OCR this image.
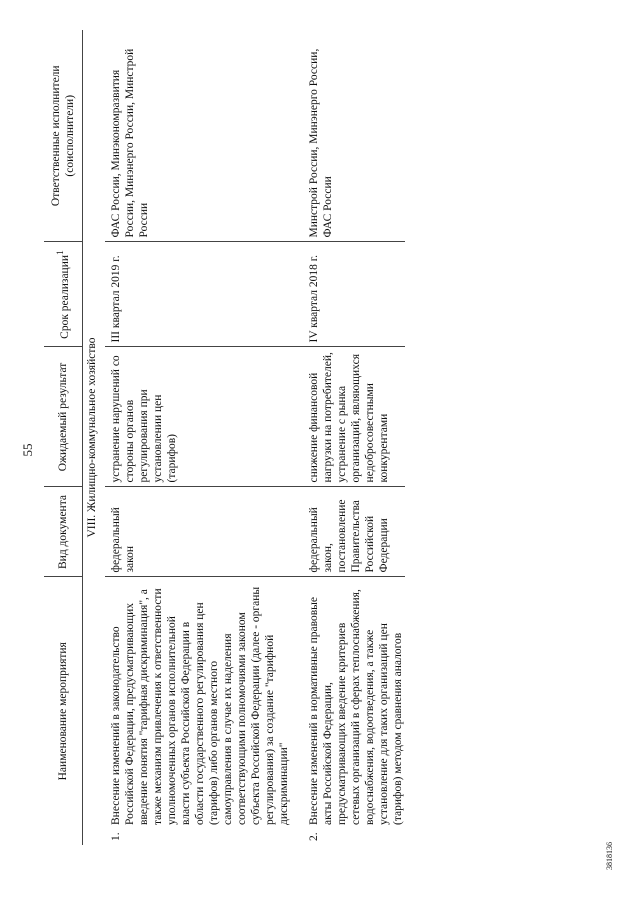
55
Наименование мероприятия	Вид документа	Ожидаемый результат	Срок реализации$^1$	Ответственные исполнители (соисполнители)
VIII. Жилищно-коммунальное хозяйство				

1.
Внесение изменений в законодательство Российской Федерации, предусматривающих введение понятия "тарифная дискриминация", а также механизм привлечения к ответственности уполномоченных органов исполнительной власти субъекта Российской Федерации в области государственного регулирования цен (тарифов) либо органов местного самоуправления в случае их наделения соответствующими полномочиями законом субъекта Российской Федерации (далее - органы регулирования) за создание "тарифной дискриминации"	федеральный закон	устранение нарушений со стороны органов регулирования при установлении цен (тарифов)	III квартал 2019 г.	ФАС России, Минэкономразвития России, Минэнерго России, Минстрой России

2.
Внесение изменений в нормативные правовые акты Российской Федерации, предусматривающих введение критериев сетевых организаций в сферах теплоснабжения, водоснабжения, водоотведения, а также установление для таких организаций цен (тарифов) методом сравнения аналогов	федеральный закон, постановление Правительства Российской Федерации	снижение финансовой нагрузки на потребителей, устранение с рынка организаций, являющихся недобросовестными конкурентами	IV квартал 2018 г.	Минстрой России, Минэнерго России, ФАС России
3818136
